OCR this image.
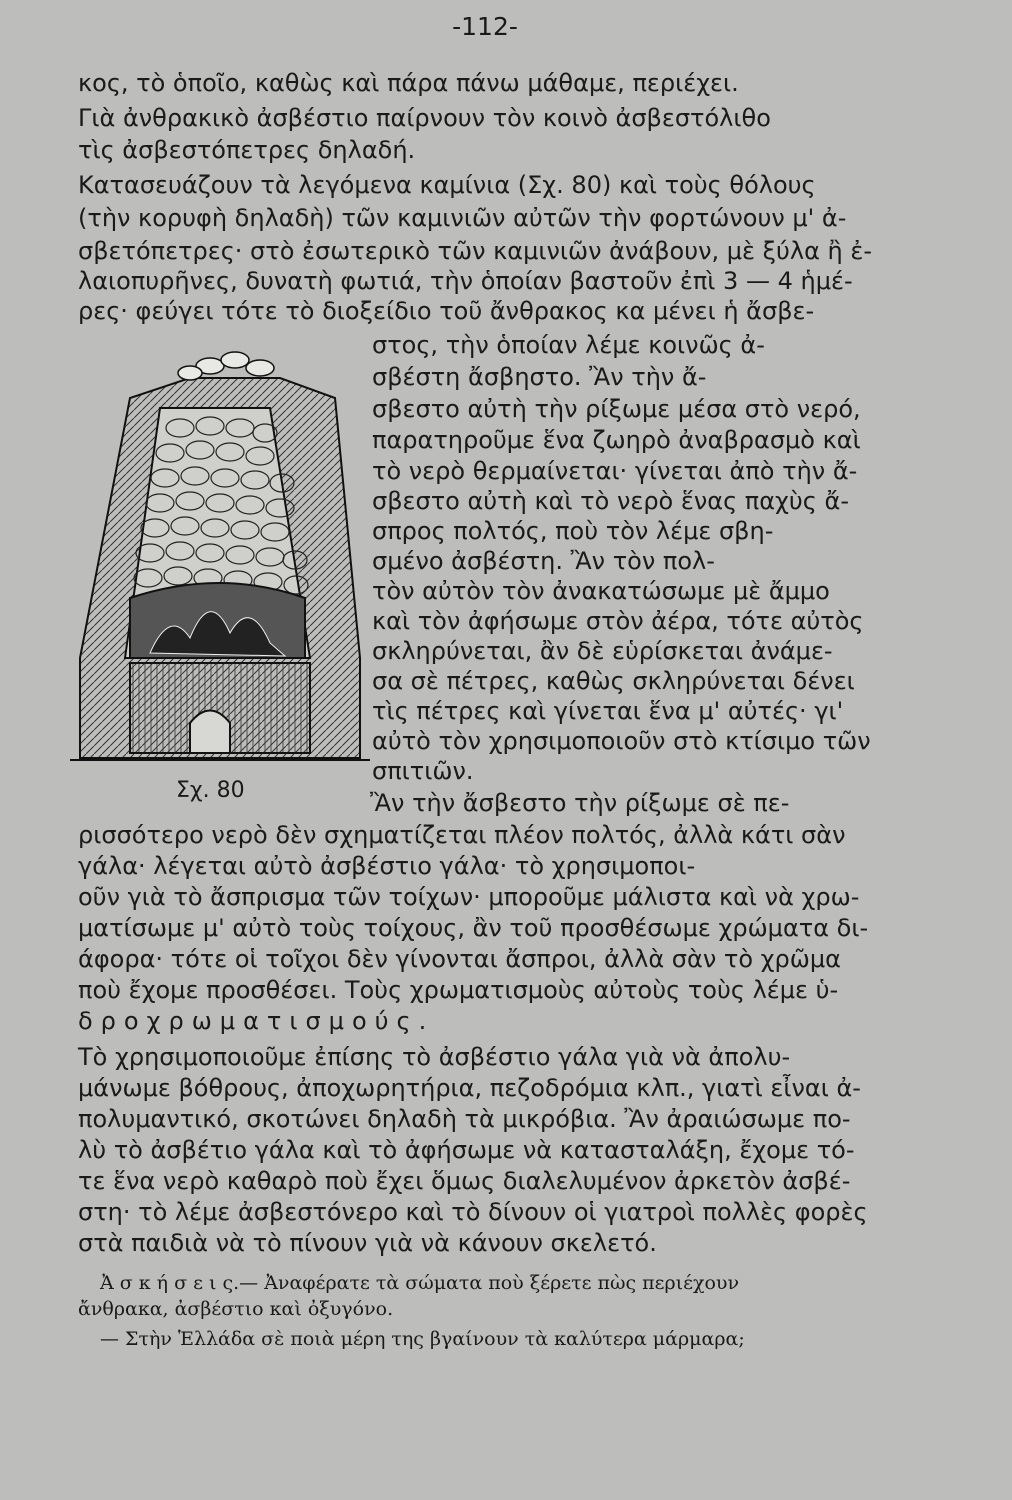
-112-
κος, τὸ ὁποῖο, καθὼς καὶ πάρα πάνω μάθαμε, περιέχει.
Γιὰ ἀνθρακικὸ ἀσβέστιο παίρνουν τὸν κοινὸ ἀσβεστόλιθο
τὶς ἀσβεστόπετρες δηλαδή.
Κατασευάζουν τὰ λεγόμενα καμίνια (Σχ. 80) καὶ τοὺς θόλους
(τὴν κορυφὴ δηλαδὴ) τῶν καμινιῶν αὐτῶν τὴν φορτώνουν μ' ἀ-
σβετόπετρες· στὸ ἐσωτερικὸ τῶν καμινιῶν ἀνάβουν, μὲ ξύλα ἢ ἐ-
λαιοπυρῆνες, δυνατὴ φωτιά, τὴν ὁποίαν βαστοῦν ἐπὶ 3 — 4 ἡμέ-
ρες· φεύγει τότε τὸ διοξείδιο τοῦ ἄνθρακος κα μένει ἡ ἄσβε-
στος, τὴν ὁποίαν λέμε κοινῶς ἀ-
σβέστη ἄσβηστο. Ἂν τὴν ἄ-
σβεστο αὐτὴ τὴν ρίξωμε μέσα στὸ νερό,
παρατηροῦμε ἕνα ζωηρὸ ἀναβρασμὸ καὶ
τὸ νερὸ θερμαίνεται· γίνεται ἀπὸ τὴν ἄ-
σβεστο αὐτὴ καὶ τὸ νερὸ ἕνας παχὺς ἄ-
σπρος πολτός, ποὺ τὸν λέμε σβη-
σμένο ἀσβέστη. Ἂν τὸν πολ-
τὸν αὐτὸν τὸν ἀνακατώσωμε μὲ ἄμμο
καὶ τὸν ἀφήσωμε στὸν ἀέρα, τότε αὐτὸς
σκληρύνεται, ἂν δὲ εὑρίσκεται ἀνάμε-
σα σὲ πέτρες, καθὼς σκληρύνεται δένει
τὶς πέτρες καὶ γίνεται ἕνα μ' αὐτές· γι'
αὐτὸ τὸν χρησιμοποιοῦν στὸ κτίσιμο τῶν
σπιτιῶν.
Σχ. 80	Ἂν τὴν ἄσβεστο τὴν ρίξωμε σὲ πε-
ρισσότερο νερὸ δὲν σχηματίζεται πλέον πολτός, ἀλλὰ κάτι σὰν
γάλα· λέγεται αὐτὸ ἀσβέστιο γάλα· τὸ χρησιμοποι-
οῦν γιὰ τὸ ἄσπρισμα τῶν τοίχων· μποροῦμε μάλιστα καὶ νὰ χρω-
ματίσωμε μ' αὐτὸ τοὺς τοίχους, ἂν τοῦ προσθέσωμε χρώματα δι-
άφορα· τότε οἱ τοῖχοι δὲν γίνονται ἄσπροι, ἀλλὰ σὰν τὸ χρῶμα
ποὺ ἔχομε προσθέσει. Τοὺς χρωματισμοὺς αὐτοὺς τοὺς λέμε ὑ-
δροχρωματισμούς.
Τὸ χρησιμοποιοῦμε ἐπίσης τὸ ἀσβέστιο γάλα γιὰ νὰ ἀπολυ-
μάνωμε βόθρους, ἀποχωρητήρια, πεζοδρόμια κλπ., γιατὶ εἶναι ἀ-
πολυμαντικό, σκοτώνει δηλαδὴ τὰ μικρόβια. Ἂν ἀραιώσωμε πο-
λὺ τὸ ἀσβέτιο γάλα καὶ τὸ ἀφήσωμε νὰ κατασταλάξη, ἔχομε τό-
τε ἕνα νερὸ καθαρὸ ποὺ ἔχει ὅμως διαλελυμένον ἀρκετὸν ἀσβέ-
στη· τὸ λέμε ἀσβεστόνερο καὶ τὸ δίνουν οἱ γιατροὶ πολλὲς φορὲς
στὰ παιδιὰ νὰ τὸ πίνουν γιὰ νὰ κάνουν σκελετό.
Ἀ σ κ ή σ ε ι ς.— Ἀναφέρατε τὰ σώματα ποὺ ξέρετε πὼς περιέχουν
ἄνθρακα, ἀσβέστιο καὶ ὀξυγόνο.
— Στὴν Ἑλλάδα σὲ ποιὰ μέρη της βγαίνουν τὰ καλύτερα μάρμαρα;
